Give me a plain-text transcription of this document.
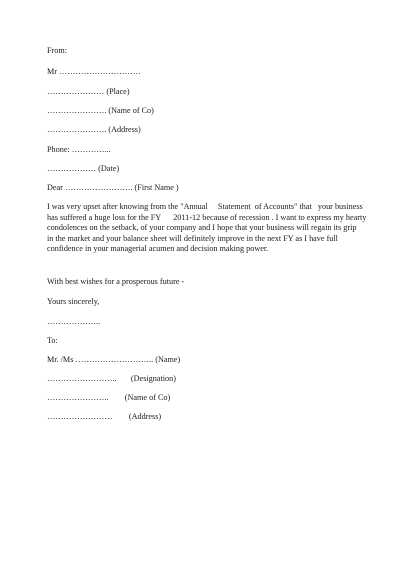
From:
Mr …………………………
………………… (Place)
…………………. (Name of Co)
…………………. (Address)
Phone: …………...
……………… (Date)
Dear ……………………. (First Name )
I was very upset after knowing from the "Annual     Statement  of Accounts" that   your business
has suffered a huge loss for the FY      2011-12 because of recession . I want to express my hearty
condolences on the setback, of your company and I hope that your business will regain its grip
in the market and your balance sheet will definitely improve in the next FY as I have full
confidence in your managerial acumen and decision making power.
With best wishes for a prosperous future -
Yours sincerely,
………………..
To:
Mr. /Ms ……………………….. (Name)
……………………..       (Designation)
…………………..        (Name of Co)
……………………        (Address)
